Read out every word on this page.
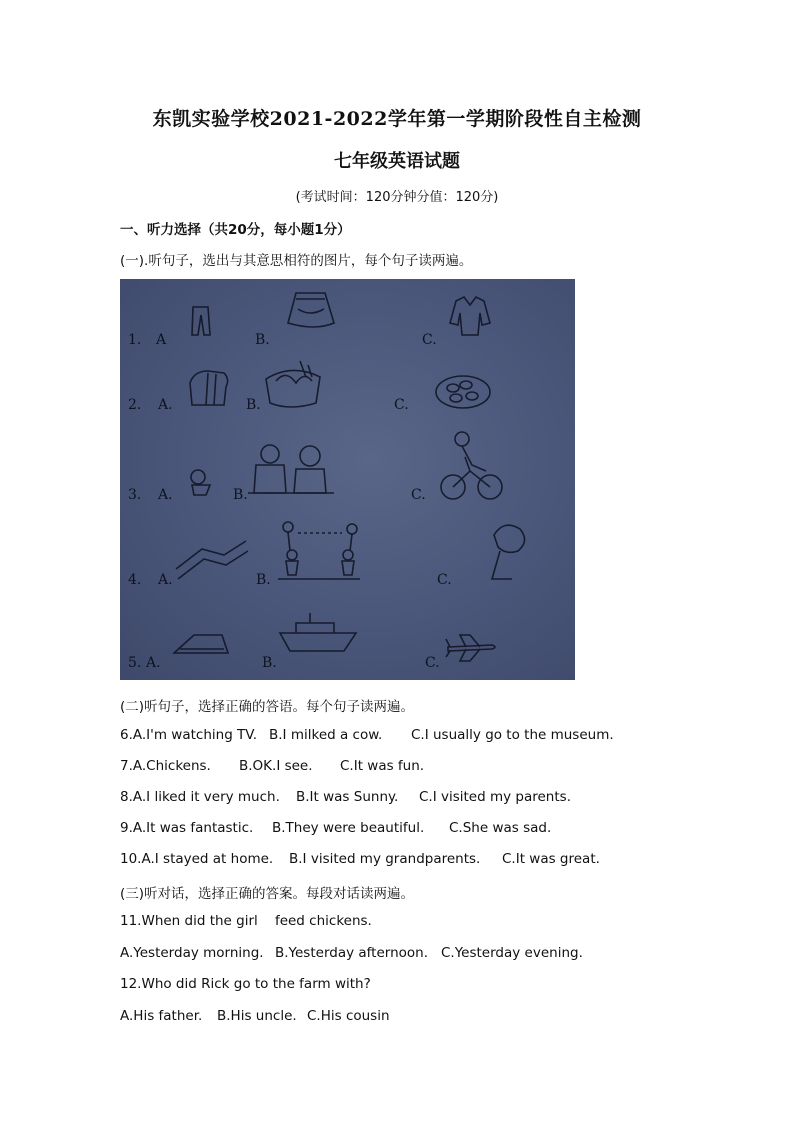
东凯实验学校2021-2022学年第一学期阶段性自主检测
七年级英语试题
(考试时间：120分钟分值：120分)
一、听力选择（共20分，每小题1分）
(一).听句子，选出与其意思相符的图片，每个句子读两遍。
1. A	B.	C.
2. A.	B.	C.
3. A.	B.	C.
4. A.	B.	C.
5. A.	B.	C.
(二)听句子，选择正确的答语。每个句子读两遍。
6.A.I'm watching TV. B.I milked a cow. C.I usually go to the museum.
7.A.Chickens. B.OK.I see. C.It was fun.
8.A.I liked it very much. B.It was Sunny. C.I visited my parents.
9.A.It was fantastic. B.They were beautiful. C.She was sad.
10.A.I stayed at home. B.I visited my grandparents. C.It was great.
(三)听对话，选择正确的答案。每段对话读两遍。
11.When did the girl    feed chickens.
A.Yesterday morning. B.Yesterday afternoon. C.Yesterday evening.
12.Who did Rick go to the farm with?
A.His father. B.His uncle. C.His cousin
